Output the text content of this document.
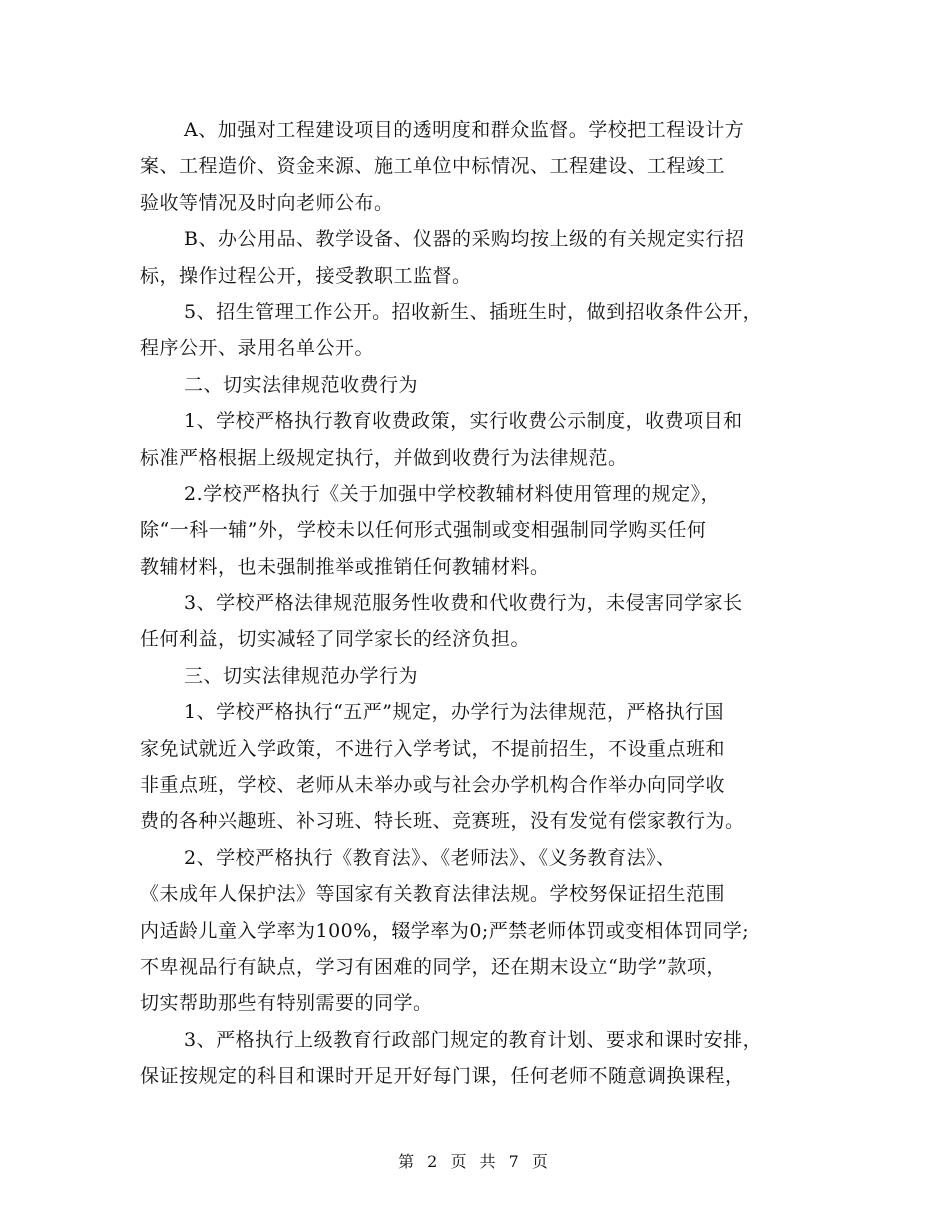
A、加强对工程建设项目的透明度和群众监督。学校把工程设计方
案、工程造价、资金来源、施工单位中标情况、工程建设、工程竣工
验收等情况及时向老师公布。
B、办公用品、教学设备、仪器的采购均按上级的有关规定实行招
标，操作过程公开，接受教职工监督。
5、招生管理工作公开。招收新生、插班生时，做到招收条件公开，
程序公开、录用名单公开。
二、切实法律规范收费行为
1、学校严格执行教育收费政策，实行收费公示制度，收费项目和
标准严格根据上级规定执行，并做到收费行为法律规范。
2.学校严格执行《关于加强中学校教辅材料使用管理的规定》，
除“一科一辅”外，学校未以任何形式强制或变相强制同学购买任何
教辅材料，也未强制推举或推销任何教辅材料。
3、学校严格法律规范服务性收费和代收费行为，未侵害同学家长
任何利益，切实减轻了同学家长的经济负担。
三、切实法律规范办学行为
1、学校严格执行“五严”规定，办学行为法律规范，严格执行国
家免试就近入学政策，不进行入学考试，不提前招生，不设重点班和
非重点班，学校、老师从未举办或与社会办学机构合作举办向同学收
费的各种兴趣班、补习班、特长班、竞赛班，没有发觉有偿家教行为。
2、学校严格执行《教育法》、《老师法》、《义务教育法》、
《未成年人保护法》等国家有关教育法律法规。学校努保证招生范围
内适龄儿童入学率为100%，辍学率为0;严禁老师体罚或变相体罚同学;
不卑视品行有缺点，学习有困难的同学，还在期末设立“助学”款项，
切实帮助那些有特别需要的同学。
3、严格执行上级教育行政部门规定的教育计划、要求和课时安排，
保证按规定的科目和课时开足开好每门课，任何老师不随意调换课程，
第 2 页 共 7 页
